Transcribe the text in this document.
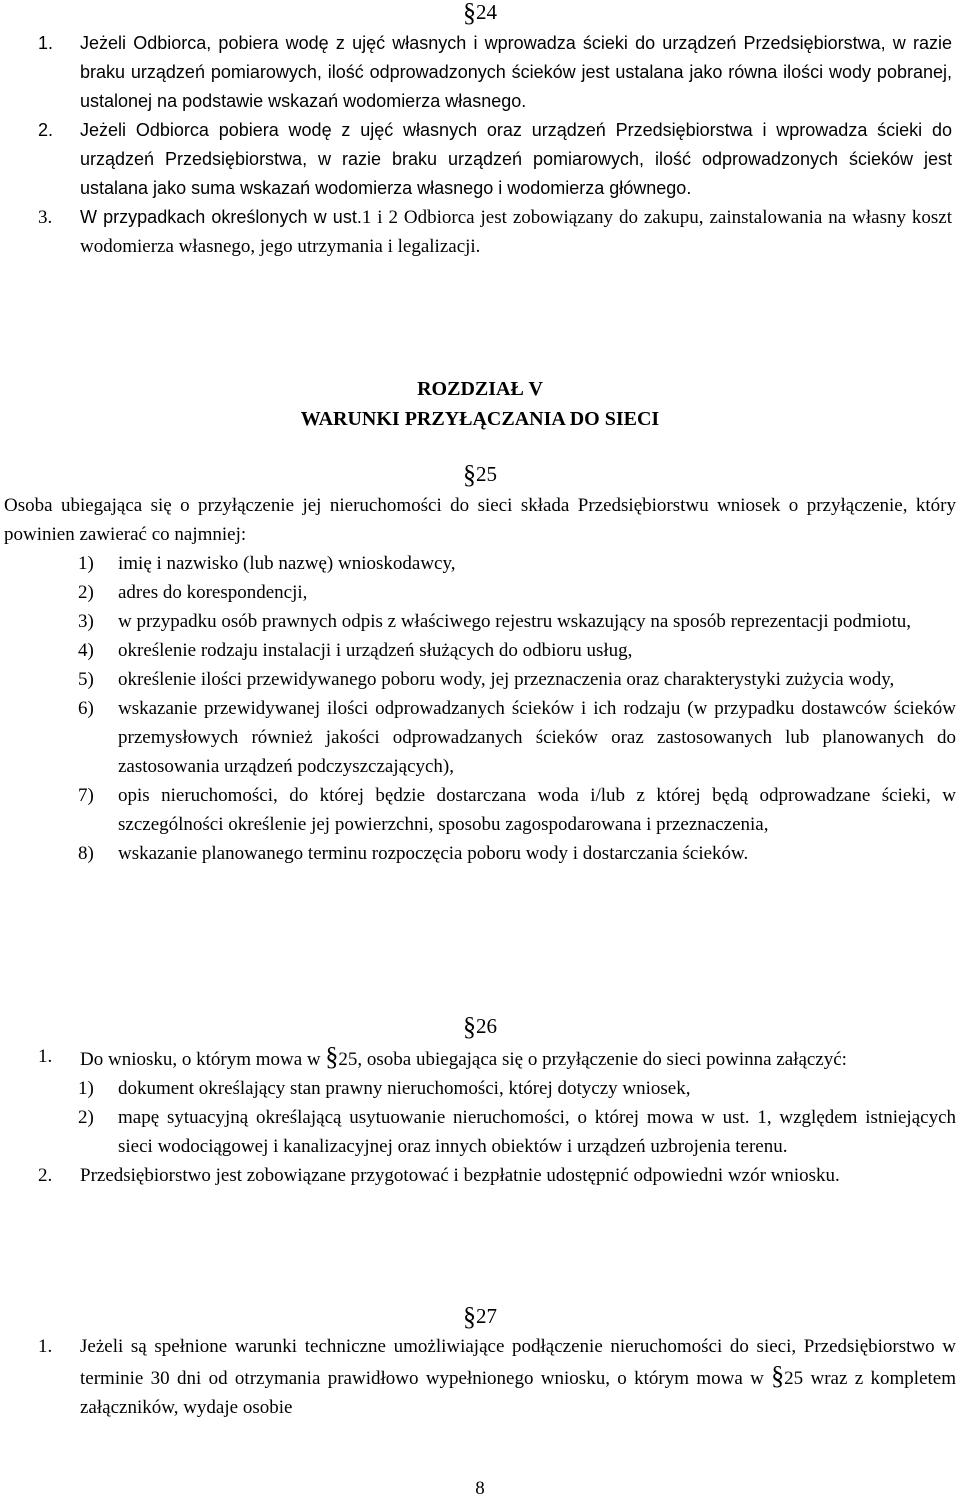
§24
1. Jeżeli Odbiorca, pobiera wodę z ujęć własnych i wprowadza ścieki do urządzeń Przedsiębiorstwa, w razie braku urządzeń pomiarowych, ilość odprowadzonych ścieków jest ustalana jako równa ilości wody pobranej, ustalonej na podstawie wskazań wodomierza własnego.
2. Jeżeli Odbiorca pobiera wodę z ujęć własnych oraz urządzeń Przedsiębiorstwa i wprowadza ścieki do urządzeń Przedsiębiorstwa, w razie braku urządzeń pomiarowych, ilość odprowadzonych ścieków jest ustalana jako suma wskazań wodomierza własnego i wodomierza głównego.
3. W przypadkach określonych w ust.1 i 2 Odbiorca jest zobowiązany do zakupu, zainstalowania na własny koszt wodomierza własnego, jego utrzymania i legalizacji.
ROZDZIAŁ V
WARUNKI PRZYŁĄCZANIA DO SIECI
§25
Osoba ubiegająca się o przyłączenie jej nieruchomości do sieci składa Przedsiębiorstwu wniosek o przyłączenie, który powinien zawierać co najmniej:
1) imię i nazwisko (lub nazwę) wnioskodawcy,
2) adres do korespondencji,
3) w przypadku osób prawnych odpis z właściwego rejestru wskazujący na sposób reprezentacji podmiotu,
4) określenie rodzaju instalacji i urządzeń służących do odbioru usług,
5) określenie ilości przewidywanego poboru wody, jej przeznaczenia oraz charakterystyki zużycia wody,
6) wskazanie przewidywanej ilości odprowadzanych ścieków i ich rodzaju (w przypadku dostawców ścieków przemysłowych również jakości odprowadzanych ścieków oraz zastosowanych lub planowanych do zastosowania urządzeń podczyszczających),
7) opis nieruchomości, do której będzie dostarczana woda i/lub z której będą odprowadzane ścieki, w szczególności określenie jej powierzchni, sposobu zagospodarowana i przeznaczenia,
8) wskazanie planowanego terminu rozpoczęcia poboru wody i dostarczania ścieków.
§26
1. Do wniosku, o którym mowa w §25, osoba ubiegająca się o przyłączenie do sieci powinna załączyć:
1) dokument określający stan prawny nieruchomości, której dotyczy wniosek,
2) mapę sytuacyjną określającą usytuowanie nieruchomości, o której mowa w ust. 1, względem istniejących sieci wodociągowej i kanalizacyjnej oraz innych obiektów i urządzeń uzbrojenia terenu.
2. Przedsiębiorstwo jest zobowiązane przygotować i bezpłatnie udostępnić odpowiedni wzór wniosku.
§27
1. Jeżeli są spełnione warunki techniczne umożliwiające podłączenie nieruchomości do sieci, Przedsiębiorstwo w terminie 30 dni od otrzymania prawidłowo wypełnionego wniosku, o którym mowa w §25 wraz z kompletem załączników, wydaje osobie
8
